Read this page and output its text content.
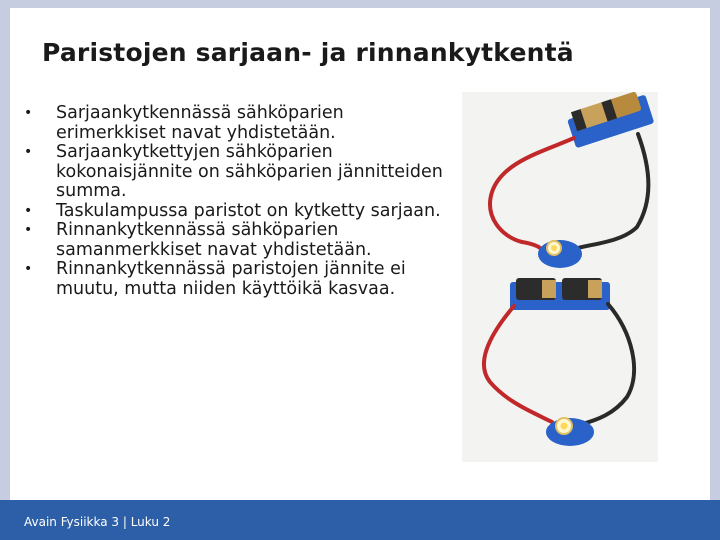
Paristojen sarjaan- ja rinnankytkentä
• Sarjaankytkennässä sähköparien erimerkkiset navat yhdistetään.
• Sarjaankytkettyjen sähköparien kokonaisjännite on sähköparien jännitteiden summa.
• Taskulampussa paristot on kytketty sarjaan.
• Rinnankytkennässä sähköparien samanmerkkiset navat yhdistetään.
• Rinnankytkennässä paristojen jännite ei muutu, mutta niiden käyttöikä kasvaa.
Avain Fysiikka 3 | Luku 2
